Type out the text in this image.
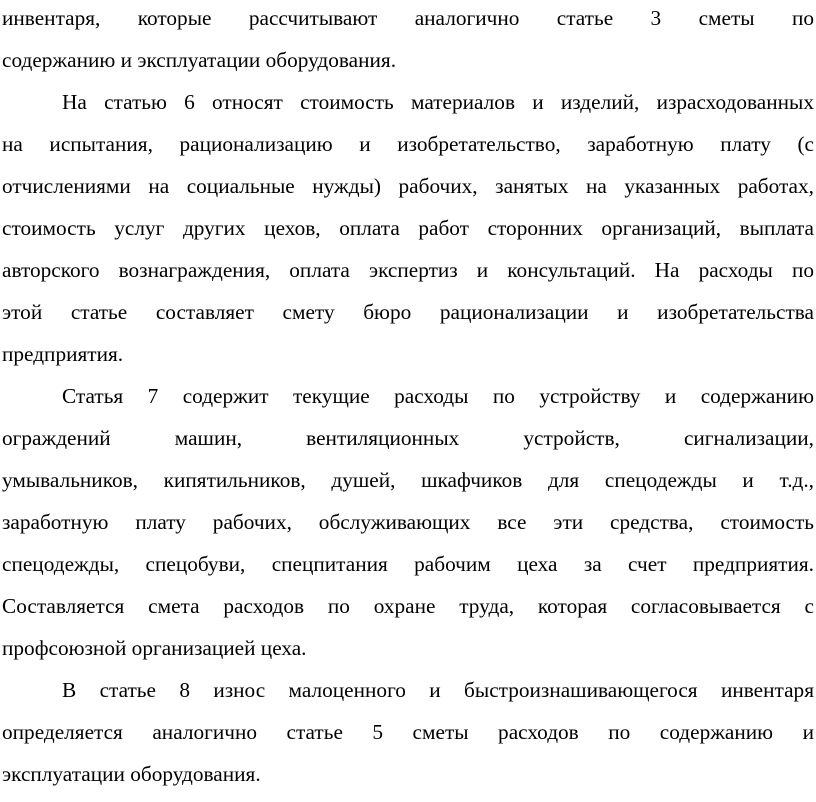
инвентаря, которые рассчитывают аналогично статье 3 сметы по
содержанию и эксплуатации оборудования.
На статью 6 относят стоимость материалов и изделий, израсходованных
на испытания, рационализацию и изобретательство, заработную плату (с
отчислениями на социальные нужды) рабочих, занятых на указанных работах,
стоимость услуг других цехов, оплата работ сторонних организаций, выплата
авторского вознаграждения, оплата экспертиз и консультаций. На расходы по
этой статье составляет смету бюро рационализации и изобретательства
предприятия.
Статья 7 содержит текущие расходы по устройству и содержанию
ограждений машин, вентиляционных устройств, сигнализации,
умывальников, кипятильников, душей, шкафчиков для спецодежды и т.д.,
заработную плату рабочих, обслуживающих все эти средства, стоимость
спецодежды, спецобуви, спецпитания рабочим цеха за счет предприятия.
Составляется смета расходов по охране труда, которая согласовывается с
профсоюзной организацией цеха.
В статье 8 износ малоценного и быстроизнашивающегося инвентаря
определяется аналогично статье 5 сметы расходов по содержанию и
эксплуатации оборудования.
